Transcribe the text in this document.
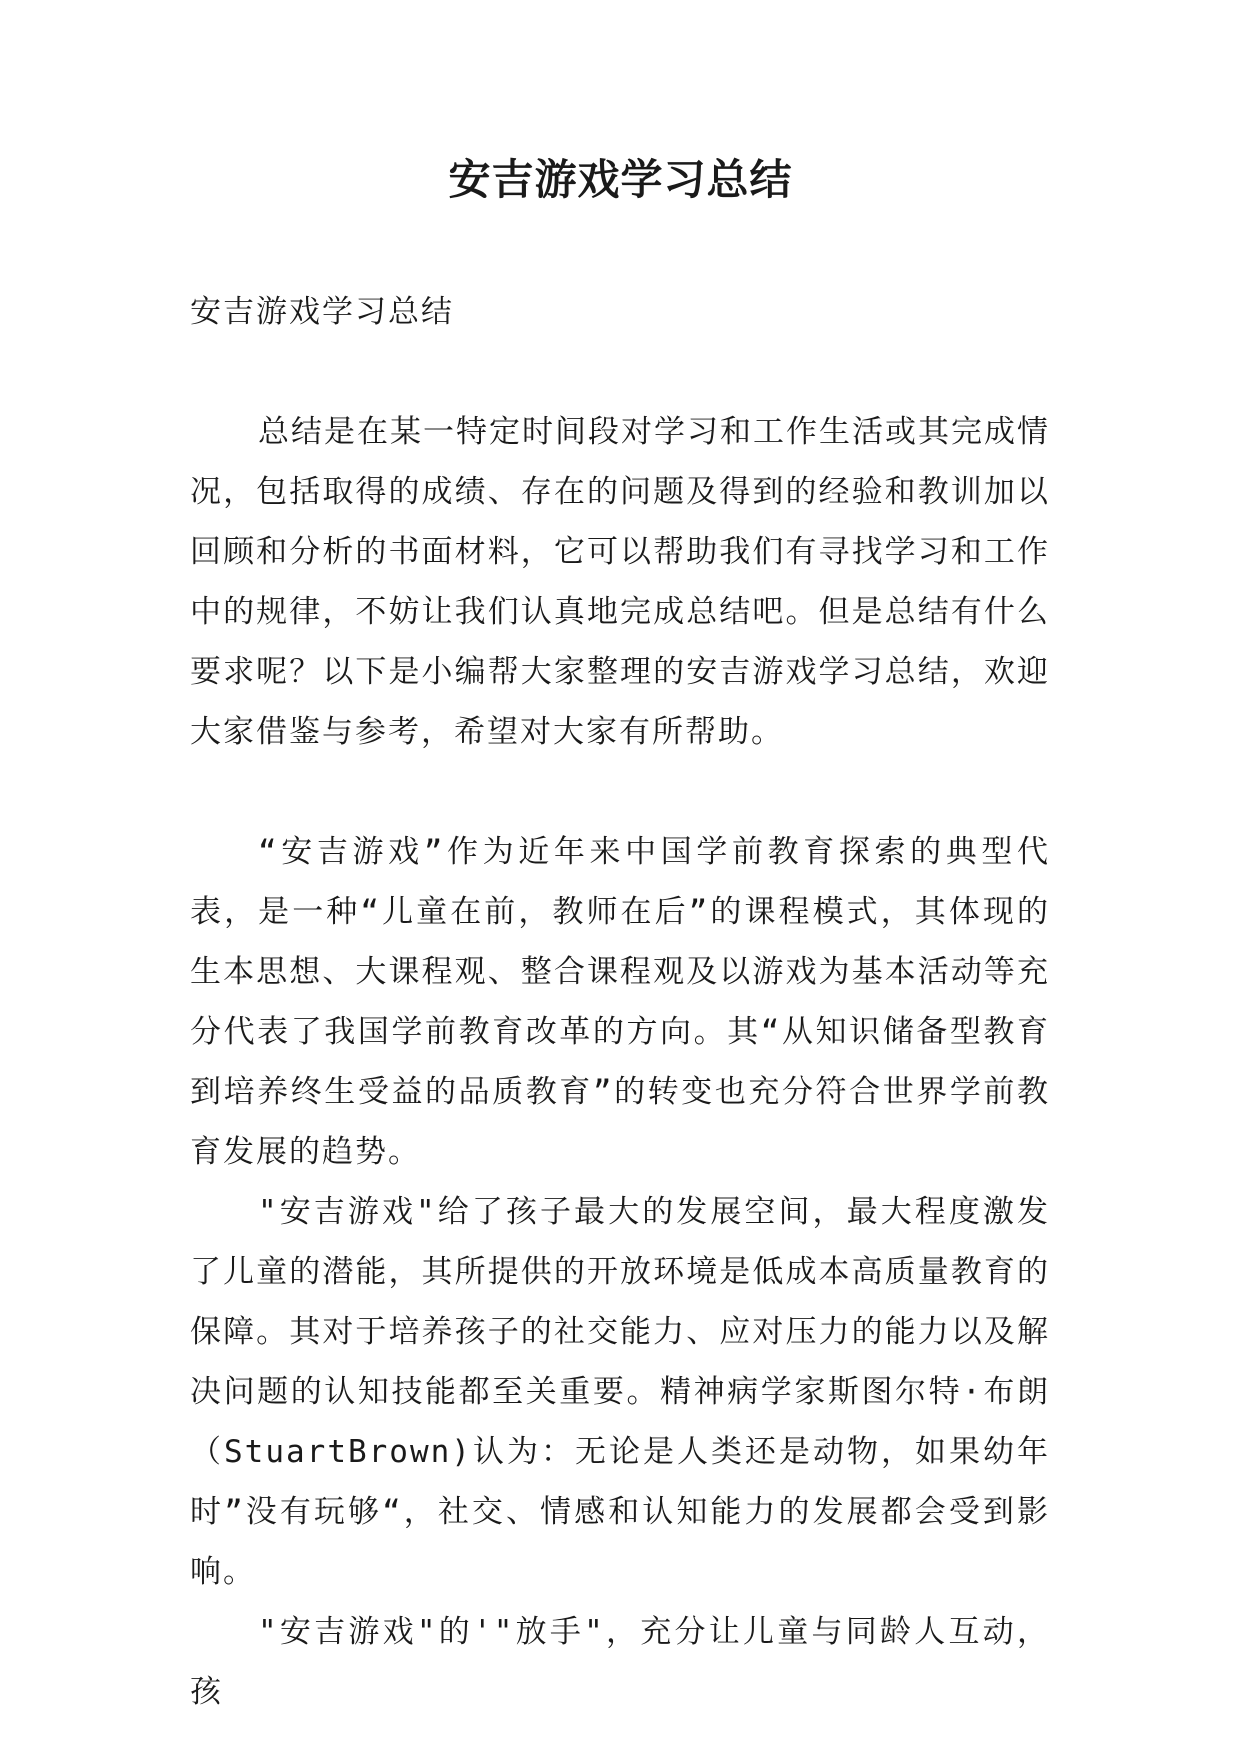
安吉游戏学习总结

安吉游戏学习总结

总结是在某一特定时间段对学习和工作生活或其完成情况，包括取得的成绩、存在的问题及得到的经验和教训加以回顾和分析的书面材料，它可以帮助我们有寻找学习和工作中的规律，不妨让我们认真地完成总结吧。但是总结有什么要求呢？以下是小编帮大家整理的安吉游戏学习总结，欢迎大家借鉴与参考，希望对大家有所帮助。

“安吉游戏”作为近年来中国学前教育探索的典型代表，是一种“儿童在前，教师在后”的课程模式，其体现的生本思想、大课程观、整合课程观及以游戏为基本活动等充分代表了我国学前教育改革的方向。其“从知识储备型教育到培养终生受益的品质教育”的转变也充分符合世界学前教育发展的趋势。

"安吉游戏"给了孩子最大的发展空间，最大程度激发了儿童的潜能，其所提供的开放环境是低成本高质量教育的保障。其对于培养孩子的社交能力、应对压力的能力以及解决问题的认知技能都至关重要。精神病学家斯图尔特·布朗（StuartBrown)认为：无论是人类还是动物，如果幼年时”没有玩够“，社交、情感和认知能力的发展都会受到影响。

"安吉游戏"的'"放手"，充分让儿童与同龄人互动，孩
